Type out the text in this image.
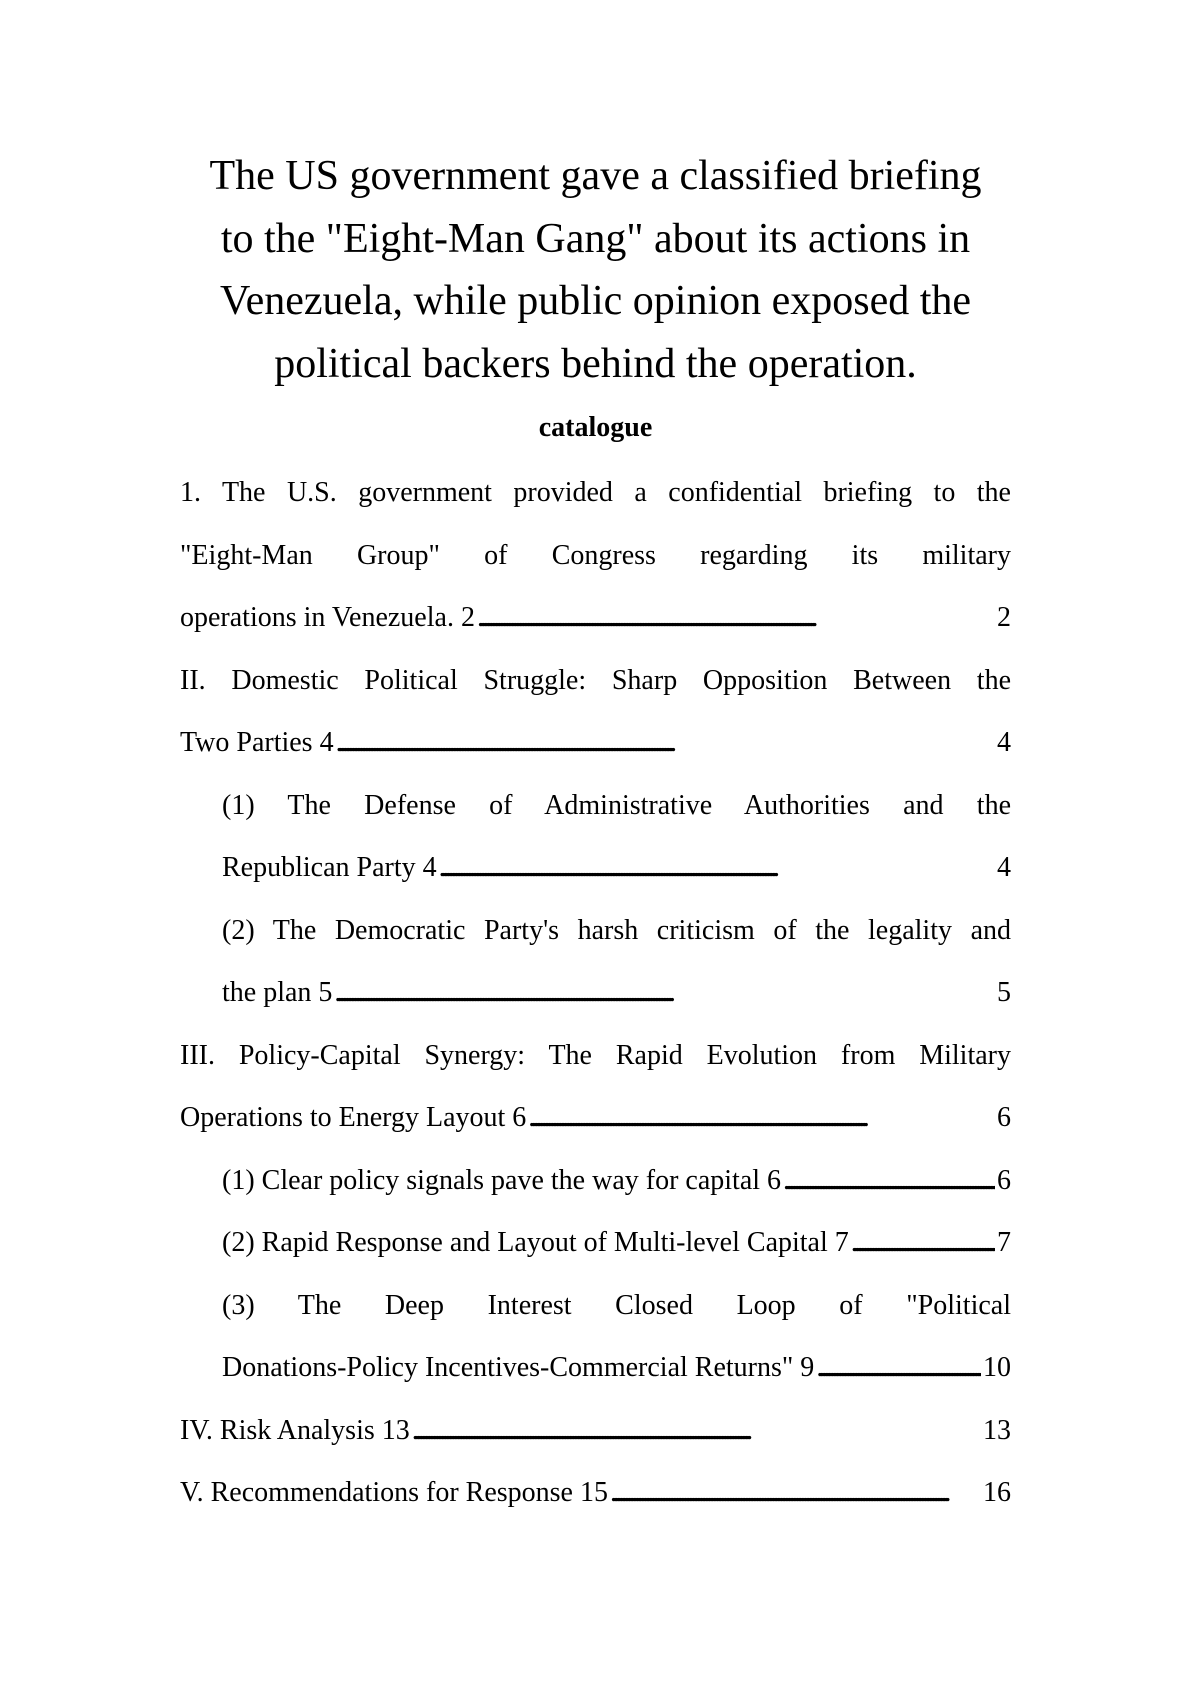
The US government gave a classified briefing
to the "Eight-Man Gang" about its actions in
Venezuela, while public opinion exposed the
political backers behind the operation.
catalogue
1. The U.S. government provided a confidential briefing to the
"Eight-Man Group" of Congress regarding its military
operations in Venezuela. 2 . . .	2
II. Domestic Political Struggle: Sharp Opposition Between the
Two Parties 4 . . .	4
(1) The Defense of Administrative Authorities and the
Republican Party 4 . . .	4
(2) The Democratic Party's harsh criticism of the legality and
the plan 5 . . .	5
III. Policy-Capital Synergy: The Rapid Evolution from Military
Operations to Energy Layout 6 . . .	6
(1) Clear policy signals pave the way for capital 6 . . .	6
(2) Rapid Response and Layout of Multi-level Capital 7 . . .	7
(3) The Deep Interest Closed Loop of "Political
Donations-Policy Incentives-Commercial Returns" 9 . . .	10
IV. Risk Analysis 13 . . .	13
V. Recommendations for Response 15 . . .	16
